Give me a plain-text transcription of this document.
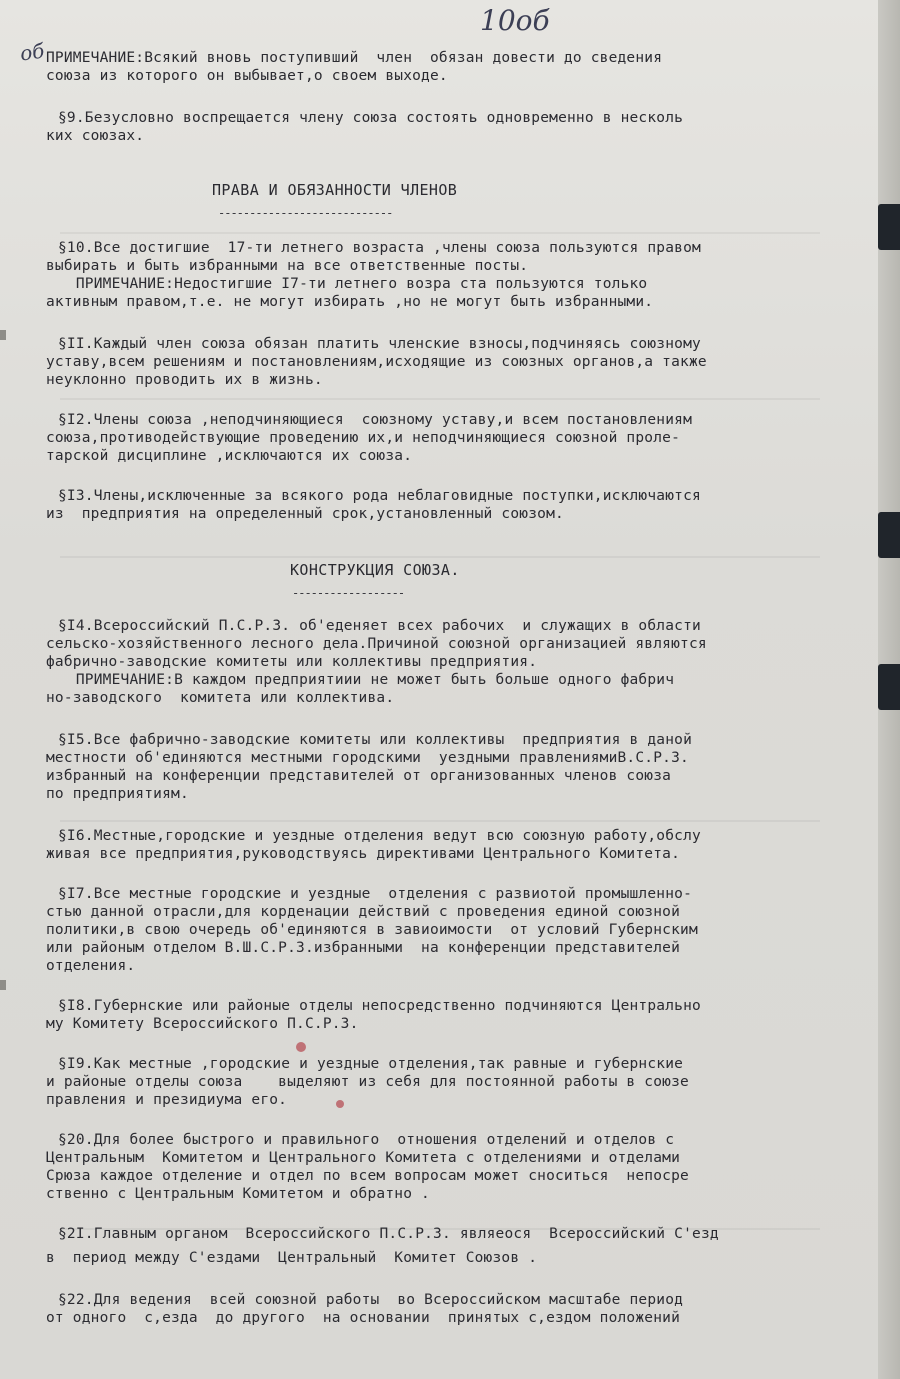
10об
об ПРИМЕЧАНИЕ:Всякий вновь поступивший  член  обязан довести до сведения
союза из которого он выбывает,о своем выходе.
§9.Безусловно воспрещается члену союза состоять одновременно в несколь
ких союзах.
ПРАВА И ОБЯЗАННОСТИ ЧЛЕНОВ
----------------------------
§10.Все достигшие  17-ти летнего возраста ,члены союза пользуются правом
выбирать и быть избранными на все ответственные посты.
ПРИМЕЧАНИЕ:Недостигшие I7-ти летнего возра ста пользуются только
активным правом,т.е. не могут избирать ,но не могут быть избранными.
§II.Каждый член союза обязан платить членские взносы,подчиняясь союзному
уставу,всем решениям и постановлениям,исходящие из союзных органов,а также
неуклонно проводить их в жизнь.
§I2.Члены союза ,неподчиняющиеся  союзному уставу,и всем постановлениям
союза,противодействующие проведению их,и неподчиняющиеся союзной проле-
тарской дисциплине ,исключаются их союза.
§I3.Члены,исключенные за всякого рода неблаговидные поступки,исключаются
из  предприятия на определенный срок,установленный союзом.
КОНСТРУКЦИЯ СОЮЗА.
------------------
§I4.Всероссийский П.С.Р.З. об'еденяет всех рабочих  и служащих в области
сельско-хозяйственного лесного дела.Причиной союзной организацией являются
фабрично-заводские комитеты или коллективы предприятия.
ПРИМЕЧАНИЕ:В каждом предприятиии не может быть больше одного фабрич
но-заводского  комитета или коллектива.
§I5.Все фабрично-заводские комитеты или коллективы  предприятия в даной
местности об'единяются местными городскими  уездными правлениямиВ.С.Р.З.
избранный на конференции представителей от организованных членов союза
по предприятиям.
§I6.Местные,городские и уездные отделения ведут всю союзную работу,обслу
живая все предприятия,руководствуясь директивами Центрального Комитета.
§I7.Все местные городские и уездные  отделения с развиотой промышленно-
стью данной отрасли,для корденации действий с проведения единой союзной
политики,в свою очередь об'единяются в завиоимости  от условий Губернским
или районым отделом В.Ш.С.Р.З.избранными  на конференции представителей
отделения.
§I8.Губернские или районые отделы непосредственно подчиняются Центрально
му Комитету Всероссийского П.С.Р.З.
§I9.Как местные ,городские и уездные отделения,так равные и губернские
и районые отделы союза    выделяют из себя для постоянной работы в союзе
правления и президиума его.
§20.Для более быстрого и правильного  отношения отделений и отделов с
Центральным  Комитетом и Центрального Комитета с отделениями и отделами
Срюза каждое отделение и отдел по всем вопросам может сноситься  непосре
ственно с Центральным Комитетом и обратно .
§2I.Главным органом  Всероссийского П.С.Р.З. являеося  Всероссийский С'езд
в  период между С'ездами  Центральный  Комитет Союзов .
§22.Для ведения  всей союзной работы  во Всероссийском масштабе период
от одного  с,езда  до другого  на основании  принятых с,ездом положений
